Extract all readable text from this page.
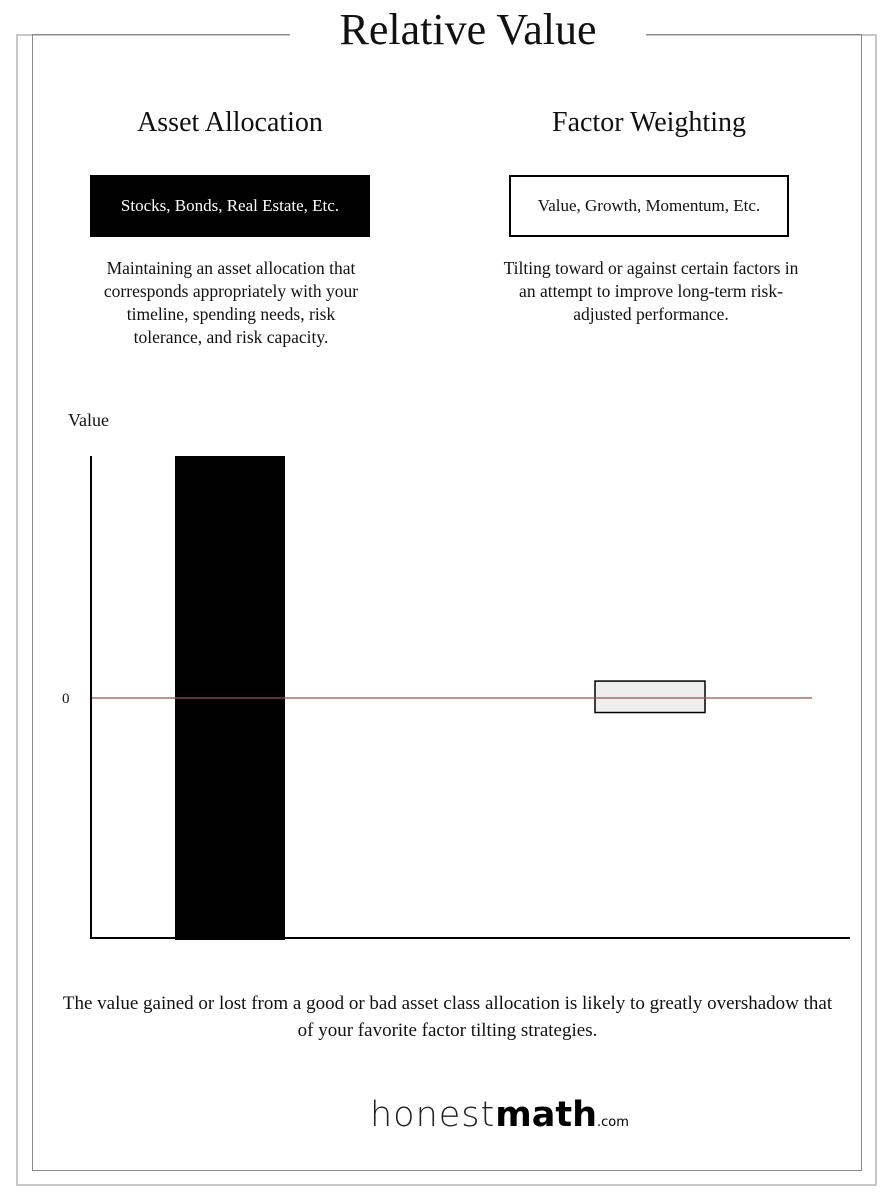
Relative Value
Asset Allocation	Factor Weighting
Stocks, Bonds, Real Estate, Etc.	Value, Growth, Momentum, Etc.
Maintaining an asset allocation that corresponds appropriately with your timeline, spending needs, risk tolerance, and risk capacity.
Tilting toward or against certain factors in an attempt to improve long-term risk-adjusted performance.
Value
0
The value gained or lost from a good or bad asset class allocation is likely to greatly overshadow that of your favorite factor tilting strategies.
honestmath.com
